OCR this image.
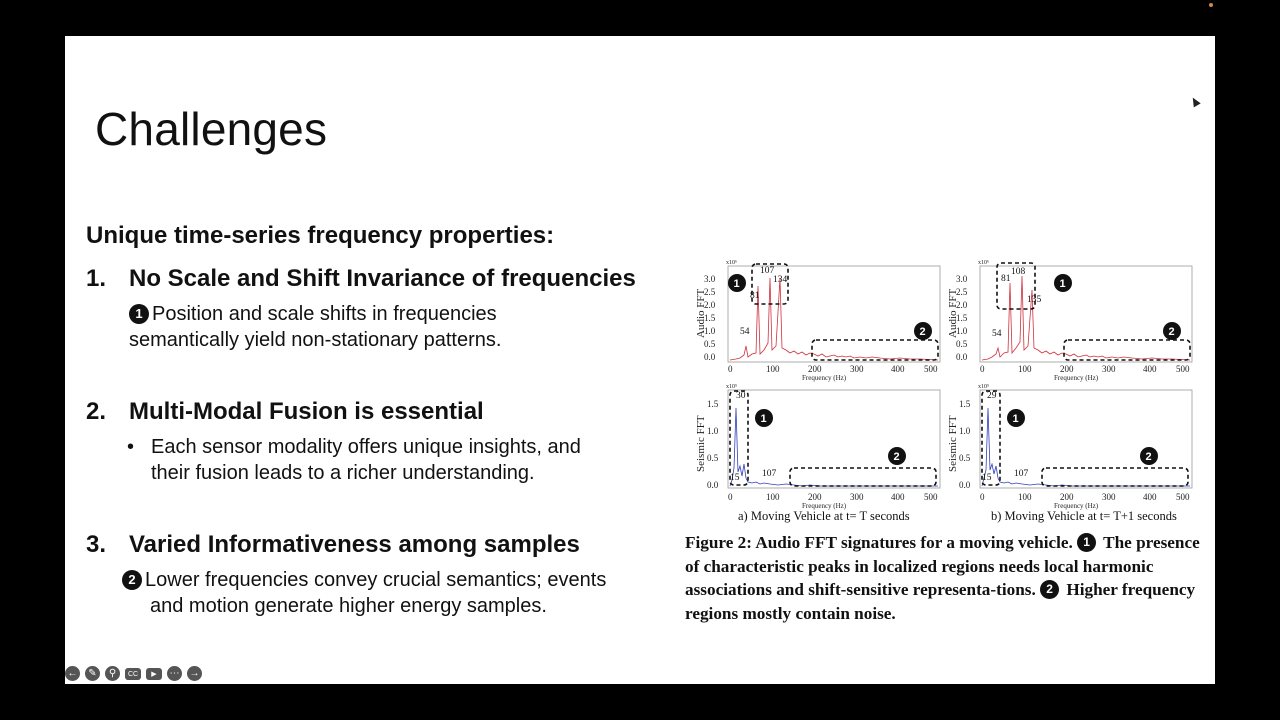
Challenges
Unique time-series frequency properties:
1. No Scale and Shift Invariance of frequencies
1 Position and scale shifts in frequencies
semantically yield non-stationary patterns.
2. Multi-Modal Fusion is essential
• Each sensor modality offers unique insights, and
their fusion leads to a richer understanding.
3. Varied Informativeness among samples
2 Lower frequencies convey crucial semantics; events
and motion generate higher energy samples.
Audio FFT
x10⁶
3.0
2.5
2.0
1.5
1.0
0.5
0.0
0	100	200	300	400 500
Frequency (Hz)
54
81
107
134
1
2 Audio FFT
x10⁶
3.0
2.5
2.0
1.5
1.0
0.5
0.0
0	100	200	300	400 500
Frequency (Hz)
54
81
108
135
1
2
Seismic FFT
x10⁵
1.5
1.0
0.5
0.0
0	100	200	300	400 500
Frequency (Hz)
15
30
107
1
2	Seismic FFT
x10⁵
1.5
1.0
0.5
0.0
0	100	200	300	400 500
Frequency (Hz)
15
29
107
1
2
a) Moving Vehicle at t= T seconds	b) Moving Vehicle at t= T+1 seconds
Figure 2: Audio FFT signatures for a moving vehicle. 1 The presence of characteristic peaks in localized regions needs local harmonic associations and shift-sensitive representa-tions. 2 Higher frequency regions mostly contain noise.
←	✎	⚲	CC	▶	⋯ →
